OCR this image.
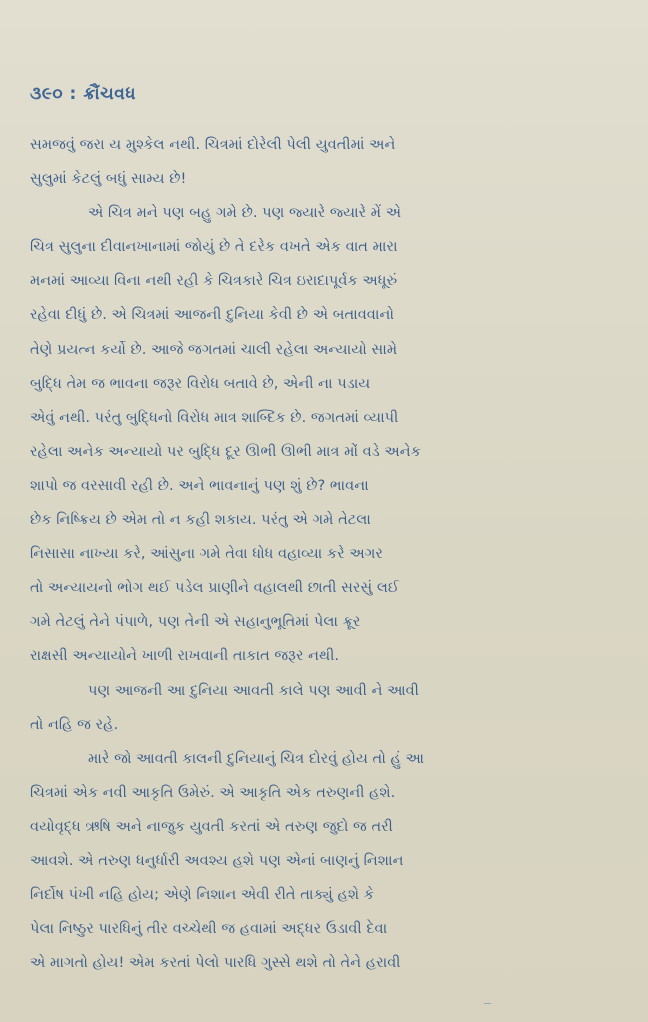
૩૯૦ : ક્રૌંચવધ
સમજવું જરા ય મુશ્કેલ નથી. ચિત્રમાં દોરેલી પેલી યુવતીમાં અને
સુલુમાં કેટલું બધું સામ્ય છે!
એ ચિત્ર મને પણ બહુ ગમે છે. પણ જ્યારે જ્યારે મેં એ
ચિત્ર સુલુના દીવાનખાનામાં જોયું છે તે દરેક વખતે એક વાત મારા
મનમાં આવ્યા વિના નથી રહી કે ચિત્રકારે ચિત્ર ઇરાદાપૂર્વક અધૂરું
રહેવા દીધું છે. એ ચિત્રમાં આજની દુનિયા કેવી છે એ બતાવવાનો
તેણે પ્રયત્ન કર્યો છે. આજે જગતમાં ચાલી રહેલા અન્યાયો સામે
બુદ્ધિ તેમ જ ભાવના જરૂર વિરોધ બતાવે છે, એની ના પડાય
એવું નથી. પરંતુ બુદ્ધિનો વિરોધ માત્ર શાબ્દિક છે. જગતમાં વ્યાપી
રહેલા અનેક અન્યાયો પર બુદ્ધિ દૂર ઊભી ઊભી માત્ર મોં વડે અનેક
શાપો જ વરસાવી રહી છે. અને ભાવનાનું પણ શું છે? ભાવના
છેક નિષ્ક્રિય છે એમ તો ન કહી શકાય. પરંતુ એ ગમે તેટલા
નિસાસા નાખ્યા કરે, આંસુના ગમે તેવા ધોધ વહાવ્યા કરે અગર
તો અન્યાયનો ભોગ થઈ પડેલ પ્રાણીને વહાલથી છાતી સરસું લઈ
ગમે તેટલું તેને પંપાળે, પણ તેની એ સહાનુભૂતિમાં પેલા ક્રૂર
રાક્ષસી અન્યાયોને ખાળી રાખવાની તાકાત જરૂર નથી.
પણ આજની આ દુનિયા આવતી કાલે પણ આવી ને આવી
તો નહિ જ રહે.
મારે જો આવતી કાલની દુનિયાનું ચિત્ર દોરવું હોય તો હું આ
ચિત્રમાં એક નવી આકૃતિ ઉમેરું. એ આકૃતિ એક તરુણની હશે.
વયોવૃદ્ધ ઋષિ અને નાજુક યુવતી કરતાં એ તરુણ જુદો જ તરી
આવશે. એ તરુણ ધનુર્ધારી અવશ્ય હશે પણ એનાં બાણનું નિશાન
નિર્દોષ પંખી નહિ હોય; એણે નિશાન એવી રીતે તાક્યું હશે કે
પેલા નિષ્ઠુર પારધિનું તીર વચ્ચેથી જ હવામાં અદ્ધર ઉડાવી દેવા
એ માગતો હોય! એમ કરતાં પેલો પારધિ ગુસ્સે થશે તો તેને હરાવી
